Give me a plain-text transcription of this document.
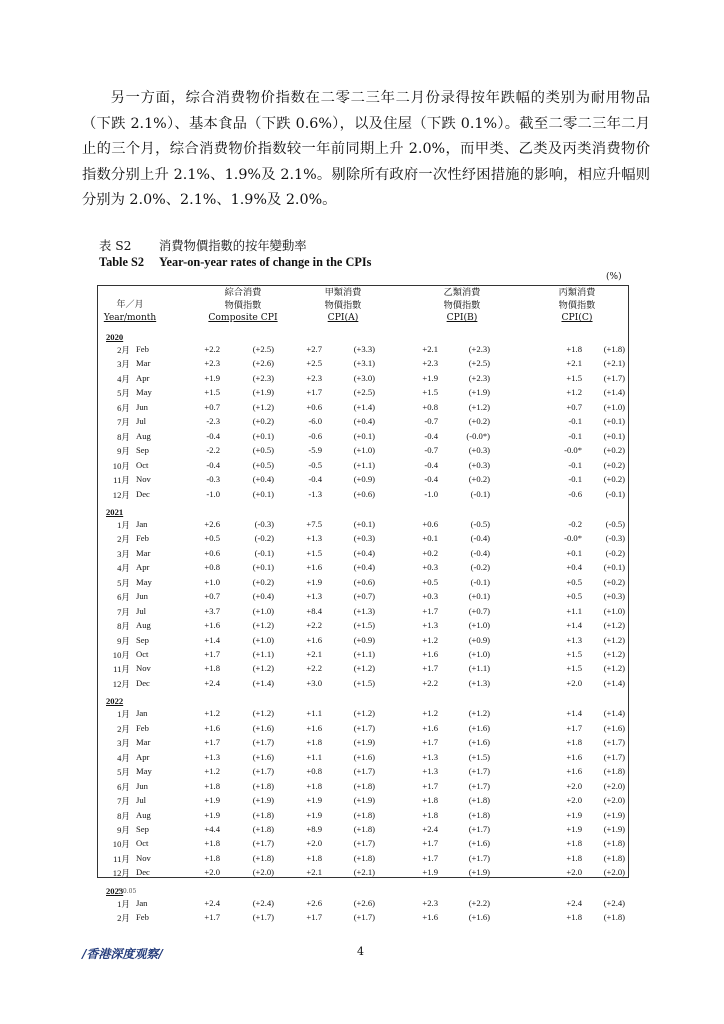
另一方面，综合消费物价指数在二零二三年二月份录得按年跌幅的类别为耐用物品（下跌 2.1%）、基本食品（下跌 0.6%），以及住屋（下跌 0.1%）。截至二零二三年二月止的三个月，综合消费物价指数较一年前同期上升 2.0%，而甲类、乙类及丙类消费物价指数分别上升 2.1%、1.9%及 2.1%。剔除所有政府一次性纾困措施的影响，相应升幅则分别为 2.0%、2.1%、1.9%及 2.0%。

表 S2 消費物價指數的按年變動率
Table S2 Year-on-year rates of change in the CPIs
(%)
年／月
Year/month
綜合消費
物價指數
Composite CPI
甲類消費
物價指數
CPI(A)
乙類消費
物價指數
CPI(B)
丙類消費
物價指數
CPI(C)
2020
2月 Feb	+2.2	(+2.5)	+2.7	(+3.3)	+2.1	(+2.3)	+1.8	(+1.8)
3月 Mar	+2.3	(+2.6)	+2.5	(+3.1)	+2.3	(+2.5)	+2.1	(+2.1)
4月 Apr	+1.9	(+2.3)	+2.3	(+3.0)	+1.9	(+2.3)	+1.5	(+1.7)
5月 May	+1.5	(+1.9)	+1.7	(+2.5)	+1.5	(+1.9)	+1.2	(+1.4)
6月 Jun	+0.7	(+1.2)	+0.6	(+1.4)	+0.8	(+1.2)	+0.7	(+1.0)
7月 Jul	-2.3	(+0.2)	-6.0	(+0.4)	-0.7	(+0.2)	-0.1	(+0.1)
8月 Aug	-0.4	(+0.1)	-0.6	(+0.1)	-0.4	(-0.0*)	-0.1	(+0.1)
9月 Sep	-2.2	(+0.5)	-5.9	(+1.0)	-0.7	(+0.3)	-0.0*	(+0.2)
10月 Oct	-0.4	(+0.5)	-0.5	(+1.1)	-0.4	(+0.3)	-0.1	(+0.2)
11月 Nov	-0.3	(+0.4)	-0.4	(+0.9)	-0.4	(+0.2)	-0.1	(+0.2)
12月 Dec	-1.0	(+0.1)	-1.3	(+0.6)	-1.0	(-0.1)	-0.6	(-0.1)
2021
1月 Jan	+2.6	(-0.3)	+7.5	(+0.1)	+0.6	(-0.5)	-0.2	(-0.5)
2月 Feb	+0.5	(-0.2)	+1.3	(+0.3)	+0.1	(-0.4)	-0.0*	(-0.3)
3月 Mar	+0.6	(-0.1)	+1.5	(+0.4)	+0.2	(-0.4)	+0.1	(-0.2)
4月 Apr	+0.8	(+0.1)	+1.6	(+0.4)	+0.3	(-0.2)	+0.4	(+0.1)
5月 May	+1.0	(+0.2)	+1.9	(+0.6)	+0.5	(-0.1)	+0.5	(+0.2)
6月 Jun	+0.7	(+0.4)	+1.3	(+0.7)	+0.3	(+0.1)	+0.5	(+0.3)
7月 Jul	+3.7	(+1.0)	+8.4	(+1.3)	+1.7	(+0.7)	+1.1	(+1.0)
8月 Aug	+1.6	(+1.2)	+2.2	(+1.5)	+1.3	(+1.0)	+1.4	(+1.2)
9月 Sep	+1.4	(+1.0)	+1.6	(+0.9)	+1.2	(+0.9)	+1.3	(+1.2)
10月 Oct	+1.7	(+1.1)	+2.1	(+1.1)	+1.6	(+1.0)	+1.5	(+1.2)
11月 Nov	+1.8	(+1.2)	+2.2	(+1.2)	+1.7	(+1.1)	+1.5	(+1.2)
12月 Dec	+2.4	(+1.4)	+3.0	(+1.5)	+2.2	(+1.3)	+2.0	(+1.4)
2022
1月 Jan	+1.2	(+1.2)	+1.1	(+1.2)	+1.2	(+1.2)	+1.4	(+1.4)
2月 Feb	+1.6	(+1.6)	+1.6	(+1.7)	+1.6	(+1.6)	+1.7	(+1.6)
3月 Mar	+1.7	(+1.7)	+1.8	(+1.9)	+1.7	(+1.6)	+1.8	(+1.7)
4月 Apr	+1.3	(+1.6)	+1.1	(+1.6)	+1.3	(+1.5)	+1.6	(+1.7)
5月 May	+1.2	(+1.7)	+0.8	(+1.7)	+1.3	(+1.7)	+1.6	(+1.8)
6月 Jun	+1.8	(+1.8)	+1.8	(+1.8)	+1.7	(+1.7)	+2.0	(+2.0)
7月 Jul	+1.9	(+1.9)	+1.9	(+1.9)	+1.8	(+1.8)	+2.0	(+2.0)
8月 Aug	+1.9	(+1.8)	+1.9	(+1.8)	+1.8	(+1.8)	+1.9	(+1.9)
9月 Sep	+4.4	(+1.8)	+8.9	(+1.8)	+2.4	(+1.7)	+1.9	(+1.9)
10月 Oct	+1.8	(+1.7)	+2.0	(+1.7)	+1.7	(+1.6)	+1.8	(+1.8)
11月 Nov	+1.8	(+1.8)	+1.8	(+1.8)	+1.7	(+1.7)	+1.8	(+1.8)
12月 Dec	+2.0	(+2.0)	+2.1	(+2.1)	+1.9	(+1.9)	+2.0	(+2.0)
2023
1月 Jan	+2.4	(+2.4)	+2.6	(+2.6)	+2.3	(+2.2)	+2.4	(+2.4)
2月 Feb	+1.7	(+1.7)	+1.7	(+1.7)	+1.6	(+1.6)	+1.8	(+1.8)
* 0.05
/香港深度观察/	4
